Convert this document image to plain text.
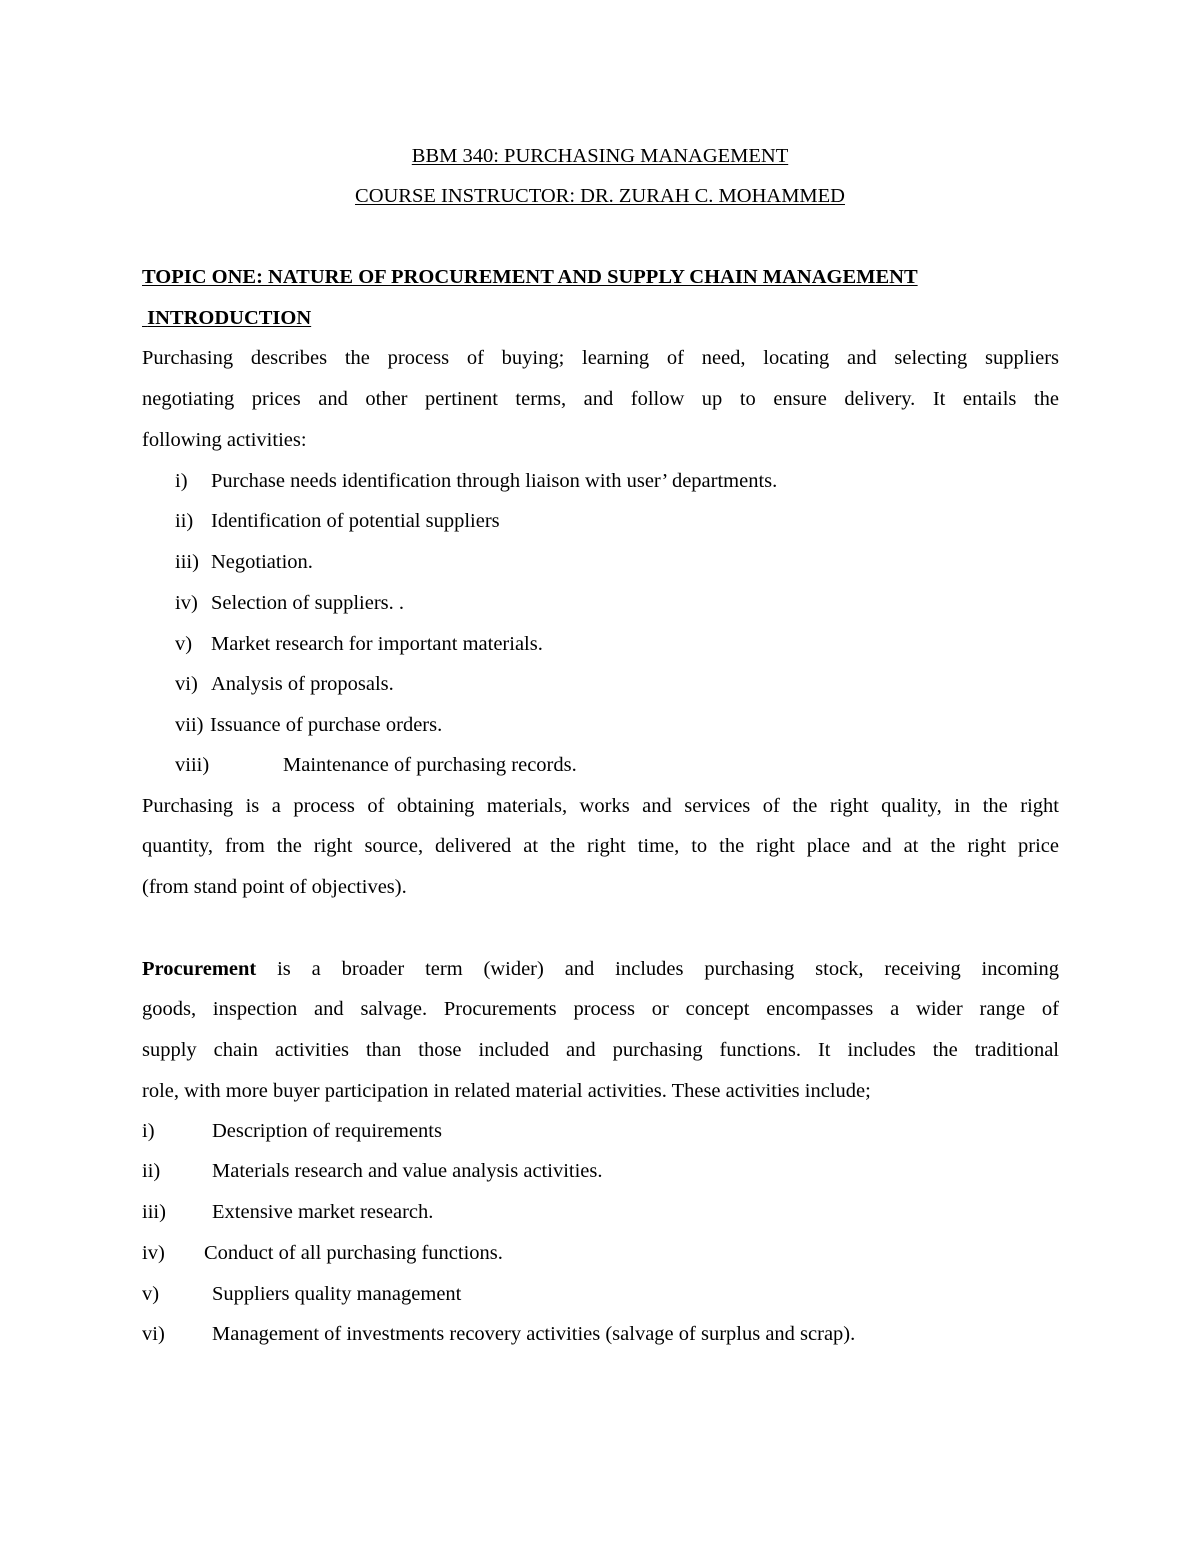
BBM 340: PURCHASING MANAGEMENT
COURSE INSTRUCTOR: DR. ZURAH C. MOHAMMED
TOPIC ONE: NATURE OF PROCUREMENT AND SUPPLY CHAIN MANAGEMENT
INTRODUCTION
Purchasing describes the process of buying; learning of need, locating and selecting suppliers
negotiating prices and other pertinent terms, and follow up to ensure delivery. It entails the
following activities:
i) Purchase needs identification through liaison with user’ departments.
ii) Identification of potential suppliers
iii) Negotiation.
iv) Selection of suppliers. .
v) Market research for important materials.
vi) Analysis of proposals.
vii) Issuance of purchase orders.
viii)	Maintenance of purchasing records.
Purchasing is a process of obtaining materials, works and services of the right quality, in the right
quantity, from the right source, delivered at the right time, to the right place and at the right price
(from stand point of objectives).
Procurement is a broader term (wider) and includes purchasing stock, receiving incoming
goods, inspection and salvage. Procurements process or concept encompasses a wider range of
supply chain activities than those included and purchasing functions. It includes the traditional
role, with more buyer participation in related material activities. These activities include;
i)	Description of requirements
ii)	Materials research and value analysis activities.
iii) Extensive market research.
iv) Conduct of all purchasing functions.
v)	Suppliers quality management
vi) Management of investments recovery activities (salvage of surplus and scrap).
